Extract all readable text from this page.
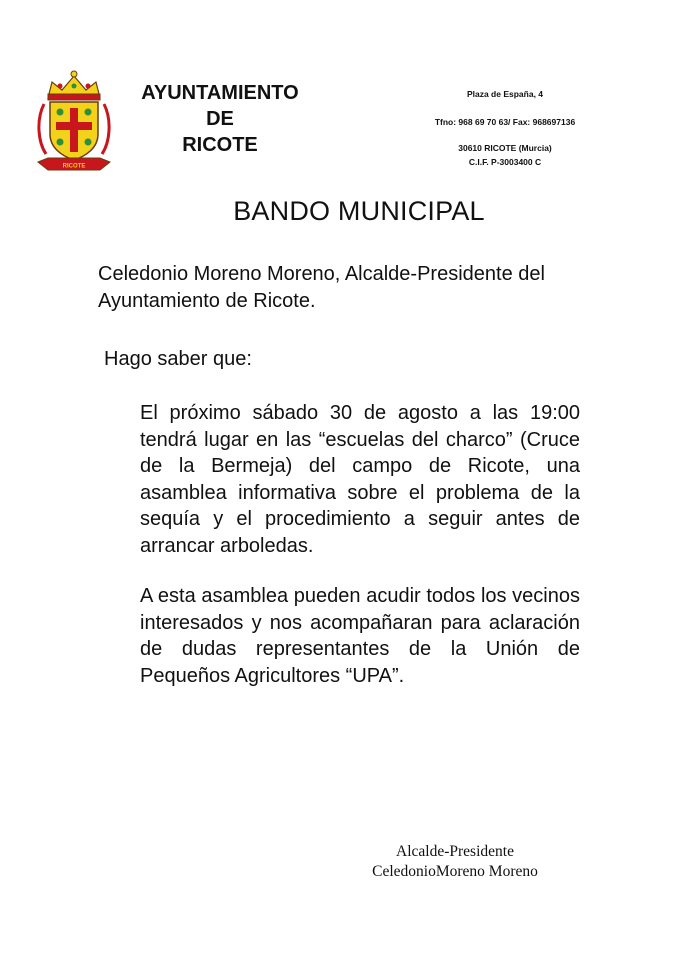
RICOTE
AYUNTAMIENTO
DE
RICOTE
Plaza de España, 4
Tfno: 968 69 70 63/ Fax: 968697136
30610 RICOTE (Murcia)
C.I.F. P-3003400 C
BANDO MUNICIPAL
Celedonio Moreno Moreno, Alcalde-Presidente del Ayuntamiento de Ricote.
Hago saber que:
El próximo sábado 30 de agosto a las 19:00 tendrá lugar en las “escuelas del charco” (Cruce de la Bermeja) del campo de Ricote, una asamblea informativa sobre el problema de la sequía y el procedimiento a seguir antes de arrancar arboledas.
A esta asamblea pueden acudir todos los vecinos interesados y nos acompañaran para aclaración de dudas representantes de la Unión de Pequeños Agricultores “UPA”.
Alcalde-Presidente
CeledonioMoreno Moreno
